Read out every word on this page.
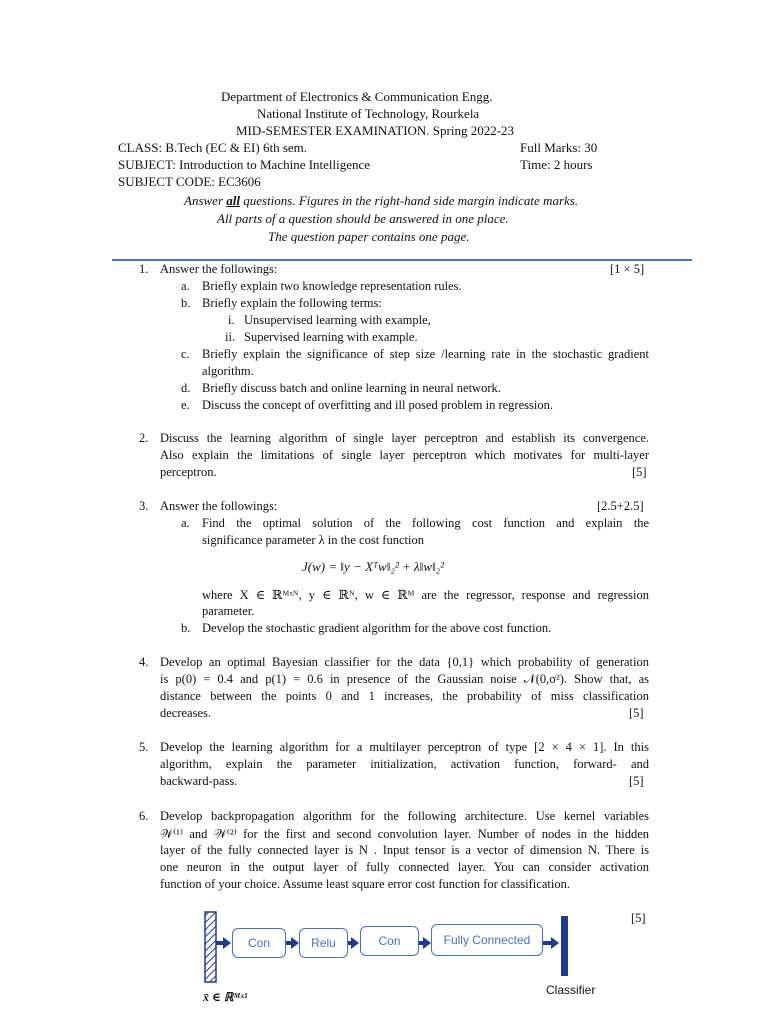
Department of Electronics & Communication Engg.
National Institute of Technology, Rourkela
MID-SEMESTER EXAMINATION. Spring 2022-23
CLASS: B.Tech (EC & EI) 6th sem.	Full Marks: 30
SUBJECT: Introduction to Machine Intelligence	Time: 2 hours
SUBJECT CODE: EC3606
Answer all questions. Figures in the right-hand side margin indicate marks.
All parts of a question should be answered in one place.
The question paper contains one page.
1. Answer the followings:	[1 × 5]
a. Briefly explain two knowledge representation rules.
b. Briefly explain the following terms:
i. Unsupervised learning with example,
ii. Supervised learning with example.
c. Briefly explain the significance of step size /learning rate in the stochastic gradient
algorithm.
d. Briefly discuss batch and online learning in neural network.
e. Discuss the concept of overfitting and ill posed problem in regression.
2. Discuss the learning algorithm of single layer perceptron and establish its convergence.
Also explain the limitations of single layer perceptron which motivates for multi-layer
perceptron.	[5]
3. Answer the followings:	[2.5+2.5]
a. Find the optimal solution of the following cost function and explain the
significance parameter λ in the cost function
J(w) = ‖y − Xᵀw‖₂² + λ‖w‖₂²
where X ∈ ℝᴹˣᴺ, y ∈ ℝᴺ, w ∈ ℝᴹ are the regressor, response and regression
parameter.
b. Develop the stochastic gradient algorithm for the above cost function.
4. Develop an optimal Bayesian classifier for the data {0,1} which probability of generation
is p(0) = 0.4 and p(1) = 0.6 in presence of the Gaussian noise 𝒩(0,σ²). Show that, as
distance between the points 0 and 1 increases, the probability of miss classification
decreases.	[5]
5. Develop the learning algorithm for a multilayer perceptron of type [2 × 4 × 1]. In this
algorithm, explain the parameter initialization, activation function, forward- and
backward-pass.	[5]
6. Develop backpropagation algorithm for the following architecture. Use kernel variables
𝒲⁽¹⁾ and 𝒲⁽²⁾ for the first and second convolution layer. Number of nodes in the hidden
layer of the fully connected layer is N . Input tensor is a vector of dimension N. There is
one neuron in the output layer of fully connected layer. You can consider activation
function of your choice. Assume least square error cost function for classification.
[5]
Con	Relu	Con	Fully Connected
x̄ ∈ ℝᴹˣ¹	Classifier
